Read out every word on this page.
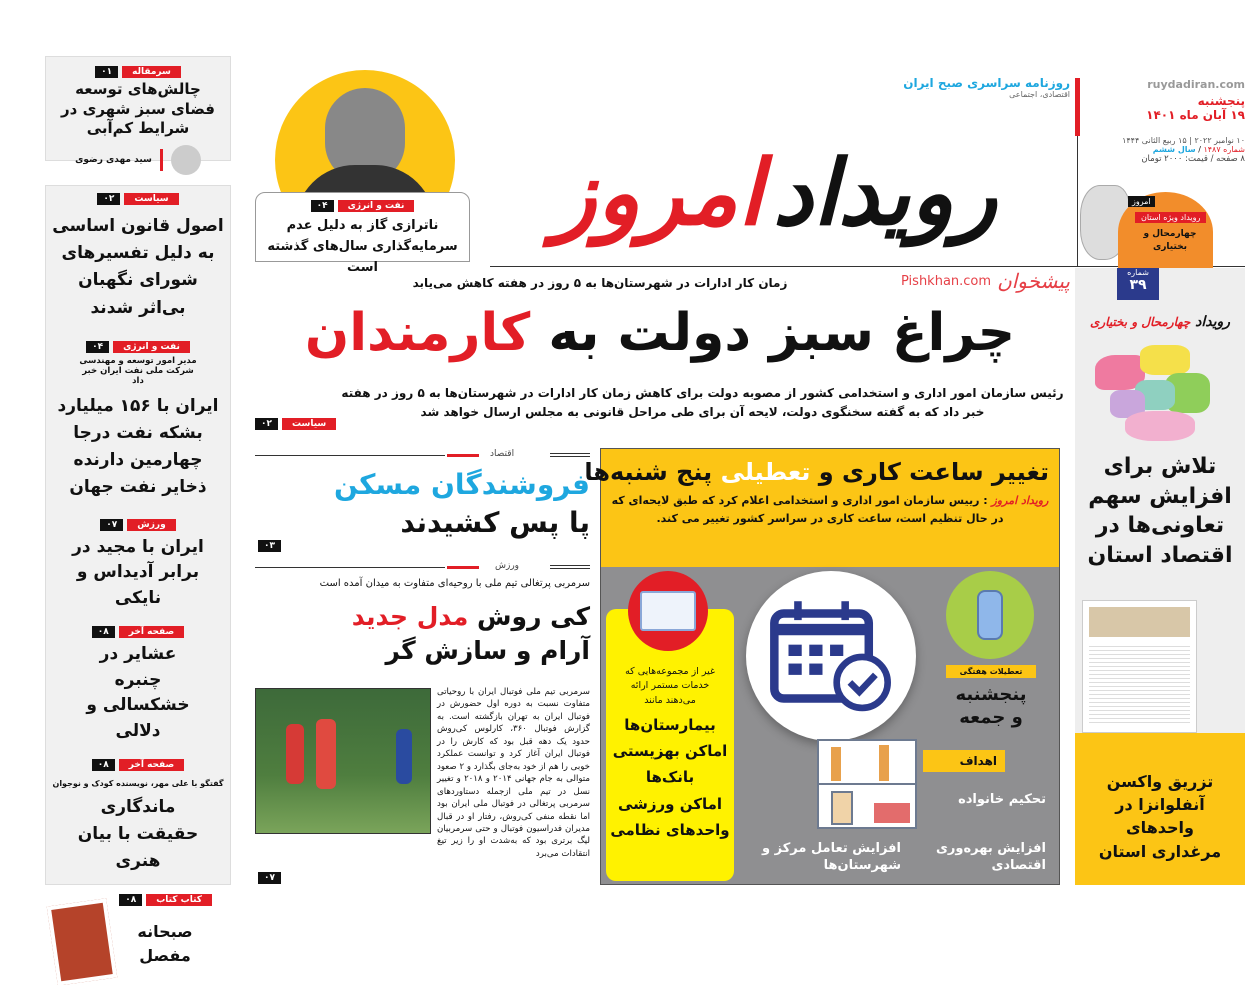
سرمقاله
۰۱
چالش‌های توسعه فضای سبز شهری در شرایط کم‌آبی
سید مهدی رضوی
سیاست
۰۲
اصول قانون اساسی به دلیل تفسیرهای شورای نگهبان بی‌اثر شدند
نفت و انرژی
۰۴
مدیر امور توسعه و مهندسی شرکت ملی نفت ایران خبر داد
ایران با ۱۵۶ میلیارد بشکه نفت درجا چهارمین دارنده ذخایر نفت جهان
ورزش
۰۷
ایران با مجید در برابر آدیداس و نایکی
صفحه آخر
۰۸
عشایر در چنبره خشکسالی و دلالی
صفحه آخر
۰۸
گفتگو با علی مهر، نویسنده کودک و نوجوان
ماندگاری حقیقت با بیان هنری
کتاب کتاب
۰۸
صبحانه مفصل
نفت و انرژی
۰۴
ناترازی گاز به دلیل عدم سرمایه‌گذاری سال‌های گذشته است
رویداد
امروز
روزنامه سراسری صبح ایران
اقتصادی، اجتماعی
ruydadiran.com
پنجشنبه
۱۹ آبان ماه ۱۴۰۱
۱۰ نوامبر ۲۰۲۲ | ۱۵ ربیع الثانی ۱۴۴۴
شماره ۱۴۸۷ / سال ششم
۸ صفحه / قیمت: ۲۰۰۰ تومان
امروز
رویداد ویژه استان
چهارمحال و بختیاری
زمان کار ادارات در شهرستان‌ها به ۵ روز در هفته کاهش می‌یابد	پیشخوان
Pishkhan.com
چراغ سبز دولت به کارمندان
رئیس سازمان امور اداری و استخدامی کشور از مصوبه دولت برای کاهش زمان کار ادارات در شهرستان‌ها به ۵ روز در هفته خبر داد که به گفته سخنگوی دولت، لایحه آن برای طی مراحل قانونی به مجلس ارسال خواهد شد
سیاست
۰۲
اقتصاد
فروشندگان مسکن
پا پس کشیدند
۰۳
ورزش
سرمربی پرتغالی تیم ملی با روحیه‌ای متفاوت به میدان آمده است
کی روش مدل جدید
آرام و سازش گر
سرمربی تیم ملی فوتبال ایران با روحیاتی متفاوت نسبت به دوره اول حضورش در فوتبال ایران به تهران بازگشته است. به گزارش فوتبال ۳۶۰، کارلوس کی‌روش حدود یک دهه قبل بود که کارش را در فوتبال ایران آغاز کرد و توانست عملکرد خوبی را هم از خود به‌جای بگذارد و ۲ صعود متوالی به جام جهانی ۲۰۱۴ و ۲۰۱۸ و تغییر نسل در تیم ملی ازجمله دستاوردهای سرمربی پرتغالی در فوتبال ملی ایران بود اما نقطه منفی کی‌روش، رفتار او در قبال مدیران فدراسیون فوتبال و حتی سرمربیان لیگ برتری بود که به‌شدت او را زیر تیغ انتقادات می‌برد
۰۷
تغییر ساعت کاری و تعطیلی پنج شنبه‌ها
رویداد امروز : رییس سازمان امور اداری و استخدامی اعلام کرد که طبق لایحه‌ای که در حال تنظیم است، ساعت کاری در سراسر کشور تغییر می کند.
غیر از مجموعه‌هایی که خدمات مستمر ارائه می‌دهند مانند
بیمارستان‌ها
اماکن بهزیستی
بانک‌ها
اماکن ورزشی
واحدهای نظامی
تعطیلات هفتگی
پنجشنبه
و جمعه
اهداف
تحکیم خانواده
افزایش بهره‌وری اقتصادی
افزایش تعامل مرکز و شهرستان‌ها
شماره
۳۹
رویداد چهارمحال و بختیاری
تلاش برای افزایش سهم تعاونی‌ها در اقتصاد استان
تزریق واکسن آنفلوانزا در واحدهای مرغداری استان
